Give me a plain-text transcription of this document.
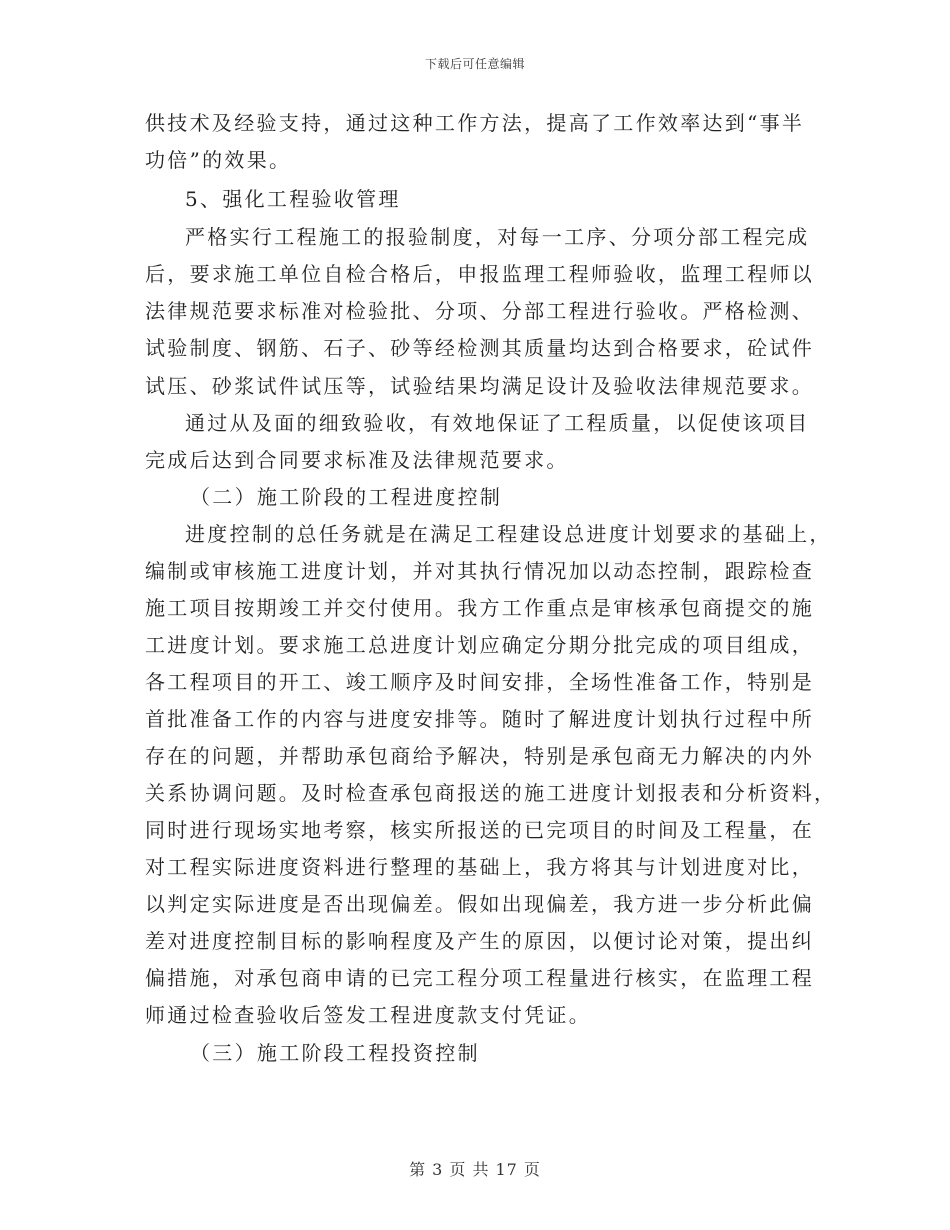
下载后可任意编辑
供技术及经验支持，通过这种工作方法，提高了工作效率达到“事半
功倍”的效果。
5、强化工程验收管理
严格实行工程施工的报验制度，对每一工序、分项分部工程完成
后，要求施工单位自检合格后，申报监理工程师验收，监理工程师以
法律规范要求标准对检验批、分项、分部工程进行验收。严格检测、
试验制度、钢筋、石子、砂等经检测其质量均达到合格要求，砼试件
试压、砂浆试件试压等，试验结果均满足设计及验收法律规范要求。
通过从及面的细致验收，有效地保证了工程质量，以促使该项目
完成后达到合同要求标准及法律规范要求。
（二）施工阶段的工程进度控制
进度控制的总任务就是在满足工程建设总进度计划要求的基础上，
编制或审核施工进度计划，并对其执行情况加以动态控制，跟踪检查
施工项目按期竣工并交付使用。我方工作重点是审核承包商提交的施
工进度计划。要求施工总进度计划应确定分期分批完成的项目组成，
各工程项目的开工、竣工顺序及时间安排，全场性准备工作，特别是
首批准备工作的内容与进度安排等。随时了解进度计划执行过程中所
存在的问题，并帮助承包商给予解决，特别是承包商无力解决的内外
关系协调问题。及时检查承包商报送的施工进度计划报表和分析资料，
同时进行现场实地考察，核实所报送的已完项目的时间及工程量，在
对工程实际进度资料进行整理的基础上，我方将其与计划进度对比，
以判定实际进度是否出现偏差。假如出现偏差，我方进一步分析此偏
差对进度控制目标的影响程度及产生的原因，以便讨论对策，提出纠
偏措施，对承包商申请的已完工程分项工程量进行核实，在监理工程
师通过检查验收后签发工程进度款支付凭证。
（三）施工阶段工程投资控制
第 3 页 共 17 页
